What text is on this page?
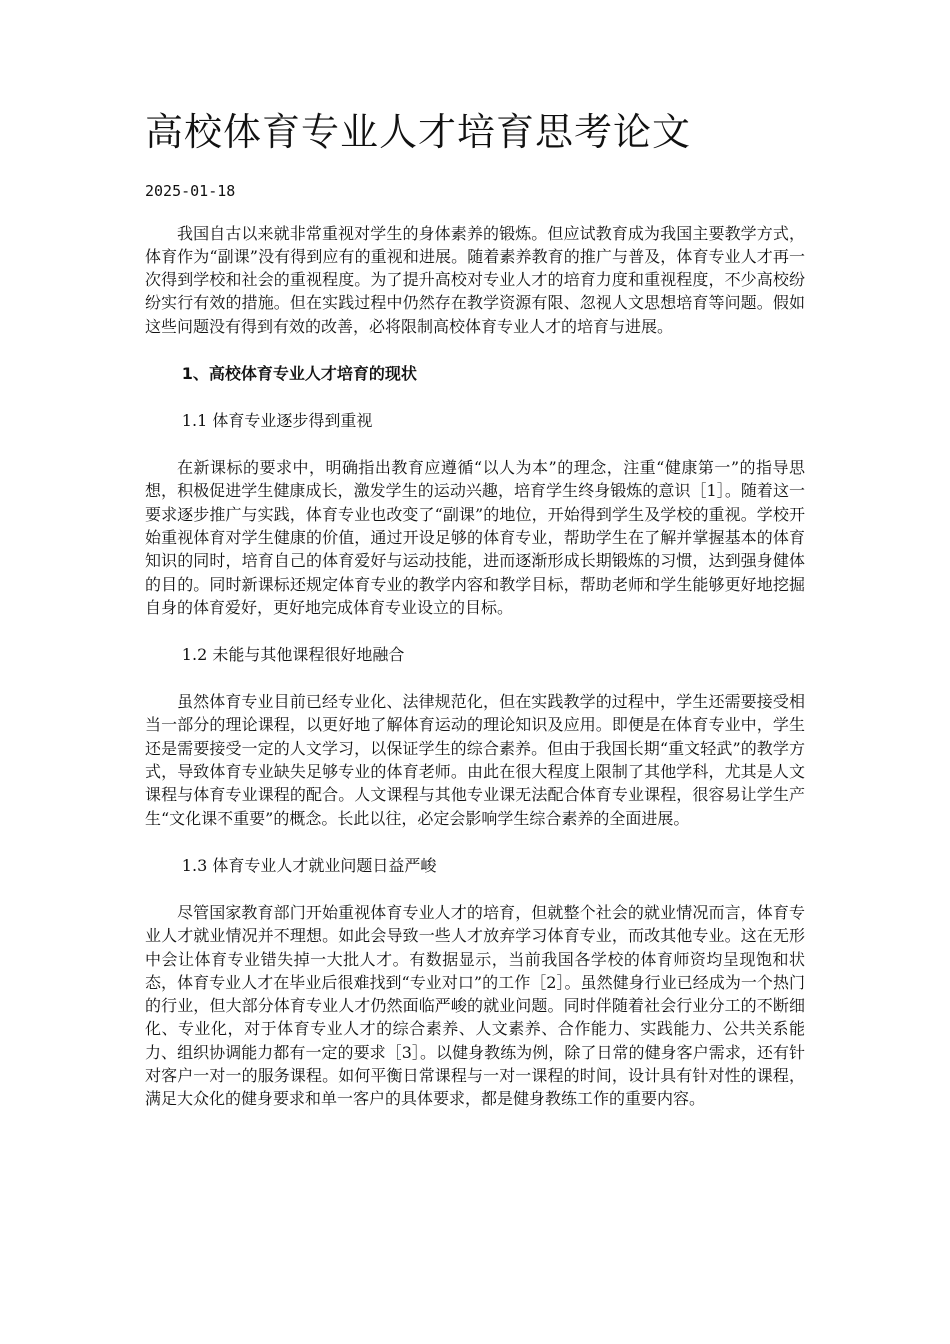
高校体育专业人才培育思考论文
2025-01-18

我国自古以来就非常重视对学生的身体素养的锻炼。但应试教育成为我国主要教学方式，体育作为“副课”没有得到应有的重视和进展。随着素养教育的推广与普及，体育专业人才再一次得到学校和社会的重视程度。为了提升高校对专业人才的培育力度和重视程度，不少高校纷纷实行有效的措施。但在实践过程中仍然存在教学资源有限、忽视人文思想培育等问题。假如这些问题没有得到有效的改善，必将限制高校体育专业人才的培育与进展。

1、高校体育专业人才培育的现状
1.1 体育专业逐步得到重视

在新课标的要求中，明确指出教育应遵循“以人为本”的理念，注重“健康第一”的指导思想，积极促进学生健康成长，激发学生的运动兴趣，培育学生终身锻炼的意识［1］。随着这一要求逐步推广与实践，体育专业也改变了“副课”的地位，开始得到学生及学校的重视。学校开始重视体育对学生健康的价值，通过开设足够的体育专业，帮助学生在了解并掌握基本的体育知识的同时，培育自己的体育爱好与运动技能，进而逐渐形成长期锻炼的习惯，达到强身健体的目的。同时新课标还规定体育专业的教学内容和教学目标，帮助老师和学生能够更好地挖掘自身的体育爱好，更好地完成体育专业设立的目标。

1.2 未能与其他课程很好地融合

虽然体育专业目前已经专业化、法律规范化，但在实践教学的过程中，学生还需要接受相当一部分的理论课程，以更好地了解体育运动的理论知识及应用。即便是在体育专业中，学生还是需要接受一定的人文学习，以保证学生的综合素养。但由于我国长期“重文轻武”的教学方式，导致体育专业缺失足够专业的体育老师。由此在很大程度上限制了其他学科，尤其是人文课程与体育专业课程的配合。人文课程与其他专业课无法配合体育专业课程，很容易让学生产生“文化课不重要”的概念。长此以往，必定会影响学生综合素养的全面进展。

1.3 体育专业人才就业问题日益严峻

尽管国家教育部门开始重视体育专业人才的培育，但就整个社会的就业情况而言，体育专业人才就业情况并不理想。如此会导致一些人才放弃学习体育专业，而改其他专业。这在无形中会让体育专业错失掉一大批人才。有数据显示，当前我国各学校的体育师资均呈现饱和状态，体育专业人才在毕业后很难找到“专业对口”的工作［2］。虽然健身行业已经成为一个热门的行业，但大部分体育专业人才仍然面临严峻的就业问题。同时伴随着社会行业分工的不断细化、专业化，对于体育专业人才的综合素养、人文素养、合作能力、实践能力、公共关系能力、组织协调能力都有一定的要求［3］。以健身教练为例，除了日常的健身客户需求，还有针对客户一对一的服务课程。如何平衡日常课程与一对一课程的时间，设计具有针对性的课程，满足大众化的健身要求和单一客户的具体要求，都是健身教练工作的重要内容。
